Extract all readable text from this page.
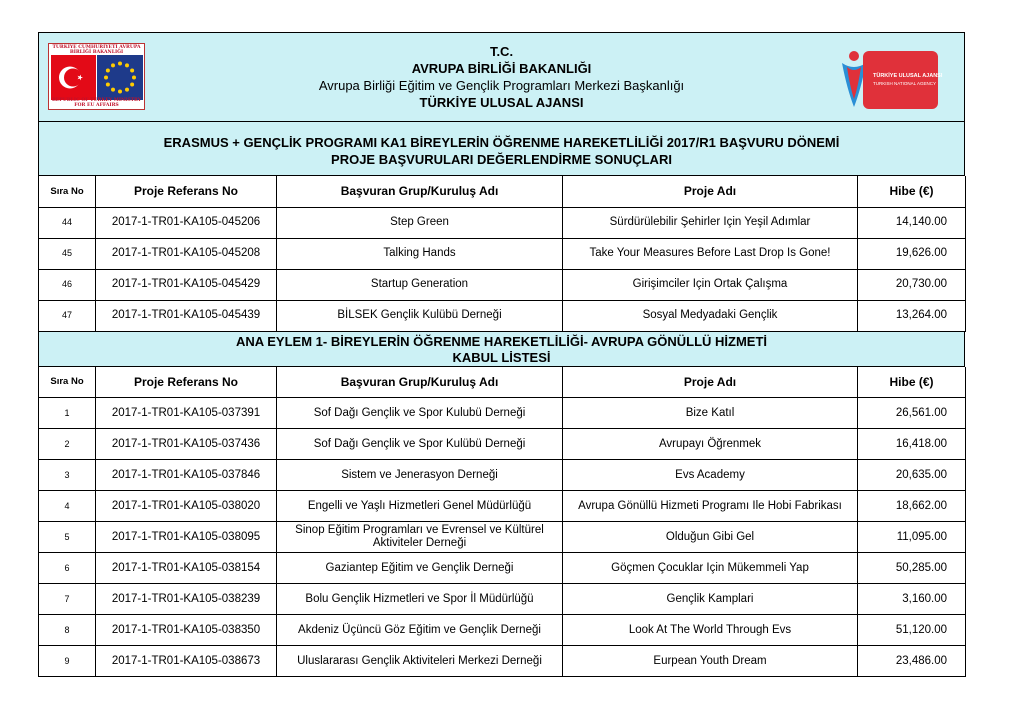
TÜRKİYE CUMHURİYETİ AVRUPA BİRLİĞİ BAKANLIĞI
REPUBLIC OF TURKEY MINISTRY FOR EU AFFAIRS
T.C.
AVRUPA BİRLİĞİ BAKANLIĞI
Avrupa Birliği Eğitim ve Gençlik Programları Merkezi Başkanlığı
TÜRKİYE ULUSAL AJANSI
TÜRKİYE ULUSAL AJANSI
TURKISH NATIONAL AGENCY
ERASMUS + GENÇLİK PROGRAMI KA1 BİREYLERİN ÖĞRENME HAREKETLİLİĞİ 2017/R1 BAŞVURU DÖNEMİ
PROJE BAŞVURULARI DEĞERLENDİRME SONUÇLARI
Sıra No	Proje Referans No	Başvuran Grup/Kuruluş Adı	Proje Adı	Hibe (€)
44	2017-1-TR01-KA105-045206	Step Green	Sürdürülebilir Şehirler Için Yeşil Adımlar	14,140.00
45	2017-1-TR01-KA105-045208	Talking Hands	Take Your Measures Before Last Drop Is Gone!	19,626.00
46	2017-1-TR01-KA105-045429	Startup Generation	Girişimciler Için Ortak Çalışma	20,730.00
47	2017-1-TR01-KA105-045439	BİLSEK Gençlik Kulübü Derneği	Sosyal Medyadaki Gençlik	13,264.00
ANA EYLEM 1- BİREYLERİN ÖĞRENME HAREKETLİLİĞİ- AVRUPA GÖNÜLLÜ HİZMETİ
KABUL LİSTESİ
Sıra No	Proje Referans No	Başvuran Grup/Kuruluş Adı	Proje Adı	Hibe (€)
1	2017-1-TR01-KA105-037391	Sof Dağı Gençlik ve Spor Kulubü Derneği	Bize Katıl	26,561.00
2	2017-1-TR01-KA105-037436	Sof Dağı Gençlik ve Spor Kulübü Derneği	Avrupayı Öğrenmek	16,418.00
3	2017-1-TR01-KA105-037846	Sistem ve Jenerasyon Derneği	Evs Academy	20,635.00
4	2017-1-TR01-KA105-038020	Engelli ve Yaşlı Hizmetleri Genel Müdürlüğü	Avrupa Gönüllü Hizmeti Programı Ile Hobi Fabrikası	18,662.00
5	2017-1-TR01-KA105-038095	Sinop Eğitim Programları ve Evrensel ve Kültürel Aktiviteler Derneği	Olduğun Gibi Gel	11,095.00
6	2017-1-TR01-KA105-038154	Gaziantep Eğitim ve Gençlik Derneği	Göçmen Çocuklar Için Mükemmeli Yap	50,285.00
7	2017-1-TR01-KA105-038239	Bolu Gençlik Hizmetleri ve Spor İl Müdürlüğü	Gençlik Kamplari	3,160.00
8	2017-1-TR01-KA105-038350	Akdeniz Üçüncü Göz Eğitim ve Gençlik Derneği	Look At The World Through Evs	51,120.00
9	2017-1-TR01-KA105-038673	Uluslararası Gençlik Aktiviteleri Merkezi Derneği	Eurpean Youth Dream	23,486.00
